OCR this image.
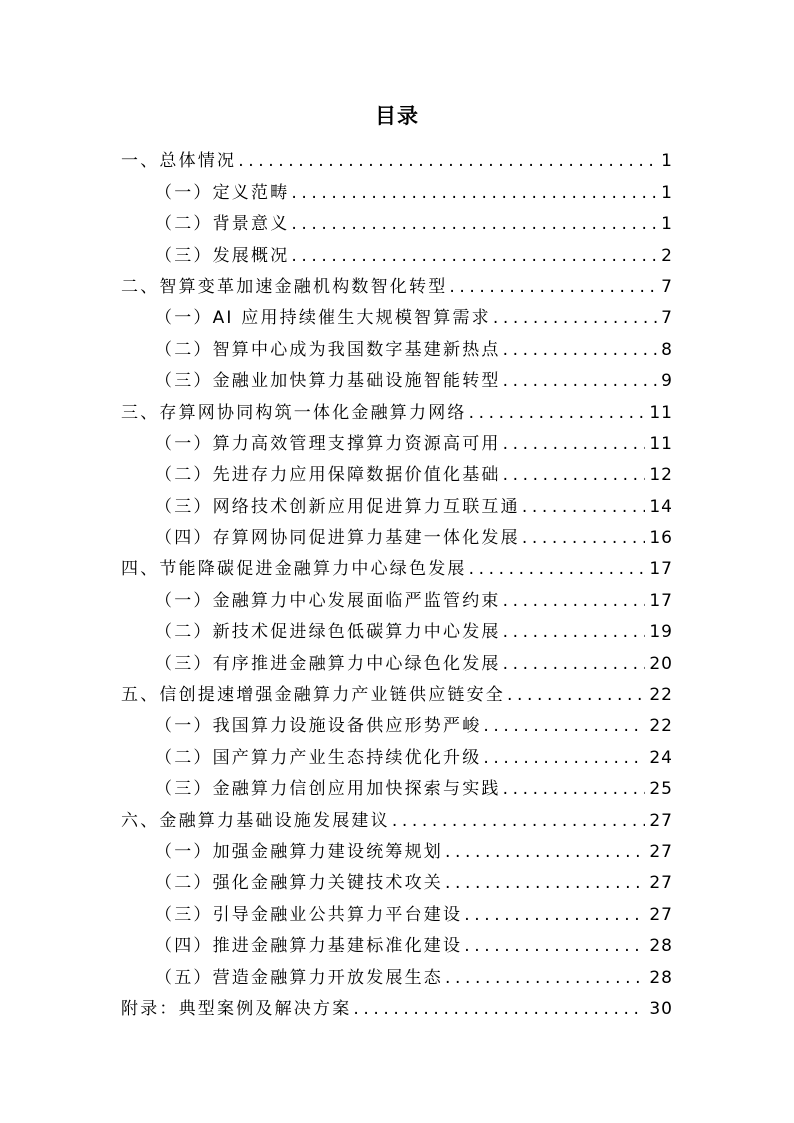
目录
一、总体情况 .....	1
（一）定义范畴 .....	1
（二）背景意义 .....	1
（三）发展概况 .....	2
二、智算变革加速金融机构数智化转型 .....	7
（一）AI 应用持续催生大规模智算需求 .....	7
（二）智算中心成为我国数字基建新热点 .....	8
（三）金融业加快算力基础设施智能转型 .....	9
三、存算网协同构筑一体化金融算力网络 .....	11
（一）算力高效管理支撑算力资源高可用 .....	11
（二）先进存力应用保障数据价值化基础 .....	12
（三）网络技术创新应用促进算力互联互通 .....	14
（四）存算网协同促进算力基建一体化发展 .....	16
四、节能降碳促进金融算力中心绿色发展 .....	17
（一）金融算力中心发展面临严监管约束 .....	17
（二）新技术促进绿色低碳算力中心发展 .....	19
（三）有序推进金融算力中心绿色化发展 .....	20
五、信创提速增强金融算力产业链供应链安全 .....	22
（一）我国算力设施设备供应形势严峻 .....	22
（二）国产算力产业生态持续优化升级 .....	24
（三）金融算力信创应用加快探索与实践 .....	25
六、金融算力基础设施发展建议 .....	27
（一）加强金融算力建设统筹规划 .....	27
（二）强化金融算力关键技术攻关 .....	27
（三）引导金融业公共算力平台建设 .....	27
（四）推进金融算力基建标准化建设 .....	28
（五）营造金融算力开放发展生态 .....	28
附录：典型案例及解决方案 .....	30
